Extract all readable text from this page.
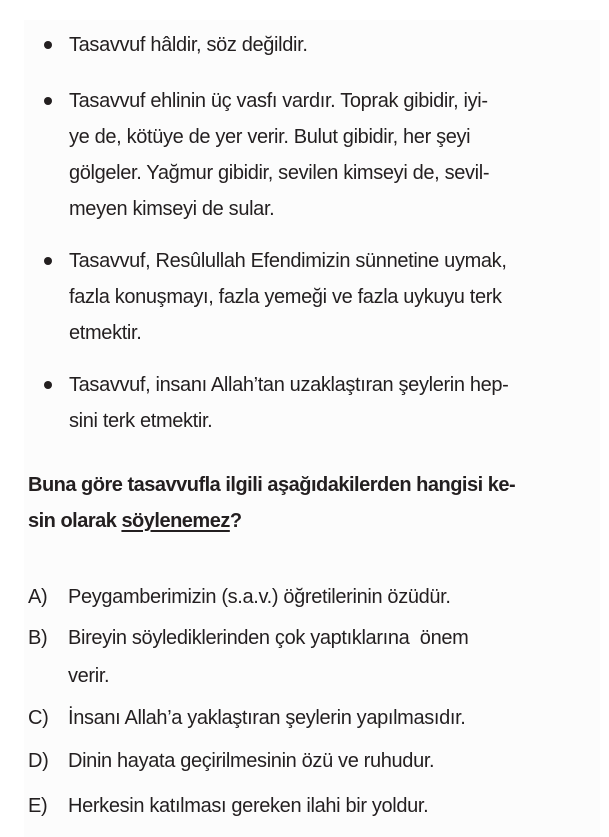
Tasavvuf hâldir, söz değildir.
Tasavvuf ehlinin üç vasfı vardır. Toprak gibidir, iyi-
ye de, kötüye de yer verir. Bulut gibidir, her şeyi
gölgeler. Yağmur gibidir, sevilen kimseyi de, sevil-
meyen kimseyi de sular.
Tasavvuf, Resûlullah Efendimizin sünnetine uymak,
fazla konuşmayı, fazla yemeği ve fazla uykuyu terk
etmektir.
Tasavvuf, insanı Allah’tan uzaklaştıran şeylerin hep-
sini terk etmektir.
Buna göre tasavvufla ilgili aşağıdakilerden hangisi ke-
sin olarak söylenemez?
A) Peygamberimizin (s.a.v.) öğretilerinin özüdür.
B) Bireyin söylediklerinden çok yaptıklarına  önem
verir.
C) İnsanı Allah’a yaklaştıran şeylerin yapılmasıdır.
D) Dinin hayata geçirilmesinin özü ve ruhudur.
E) Herkesin katılması gereken ilahi bir yoldur.
